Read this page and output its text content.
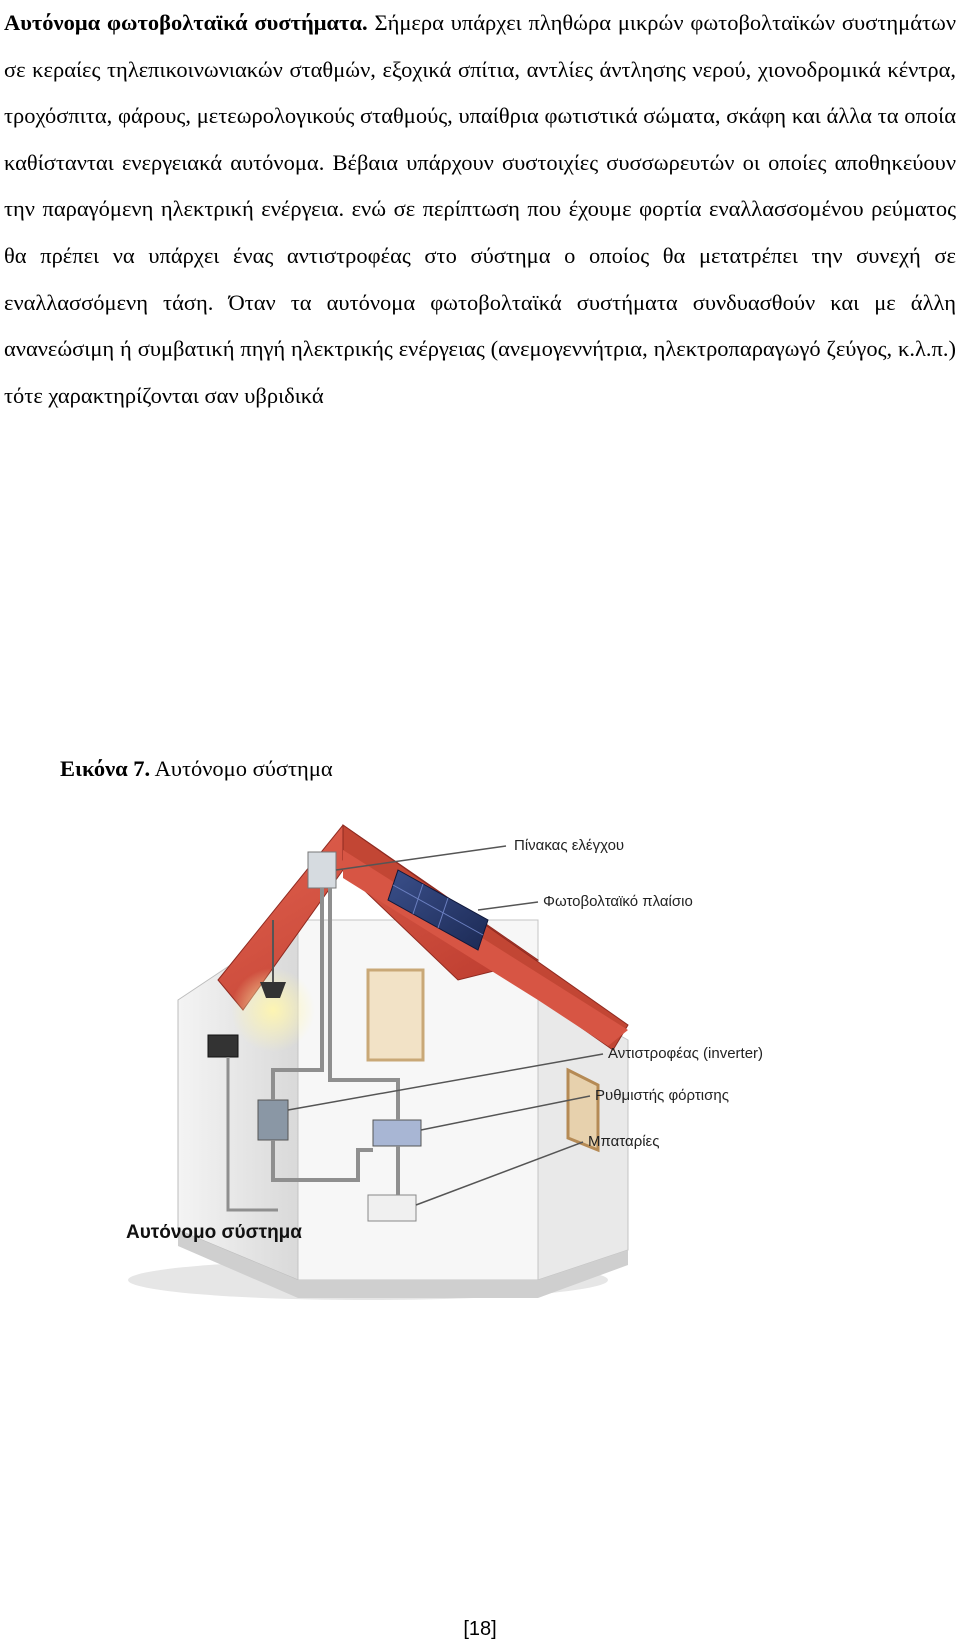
Αυτόνομα φωτοβολταϊκά συστήματα. Σήμερα υπάρχει πληθώρα μικρών φωτοβολταϊκών συστημάτων σε κεραίες τηλεπικοινωνιακών σταθμών, εξοχικά σπίτια, αντλίες άντλησης νερού, χιονοδρομικά κέντρα, τροχόσπιτα, φάρους, μετεωρολογικούς σταθμούς, υπαίθρια φωτιστικά σώματα, σκάφη και άλλα τα οποία καθίστανται ενεργειακά αυτόνομα. Βέβαια υπάρχουν συστοιχίες συσσωρευτών οι οποίες αποθηκεύουν την παραγόμενη ηλεκτρική ενέργεια. ενώ σε περίπτωση που έχουμε φορτία εναλλασσομένου ρεύματος θα πρέπει να υπάρχει ένας αντιστροφέας στο σύστημα ο οποίος θα μετατρέπει την συνεχή σε εναλλασσόμενη τάση. Όταν τα αυτόνομα φωτοβολταϊκά συστήματα συνδυασθούν και με άλλη ανανεώσιμη ή συμβατική πηγή ηλεκτρικής ενέργειας (ανεμογεννήτρια, ηλεκτροπαραγωγό ζεύγος, κ.λ.π.) τότε χαρακτηρίζονται σαν υβριδικά

Εικόνα 7. Αυτόνομο σύστημα

Πίνακας ελέγχου
Φωτοβολταϊκό πλαίσιο
Αντιστροφέας (inverter)
Ρυθμιστής φόρτισης
Μπαταρίες
Αυτόνομο σύστημα
[18]
